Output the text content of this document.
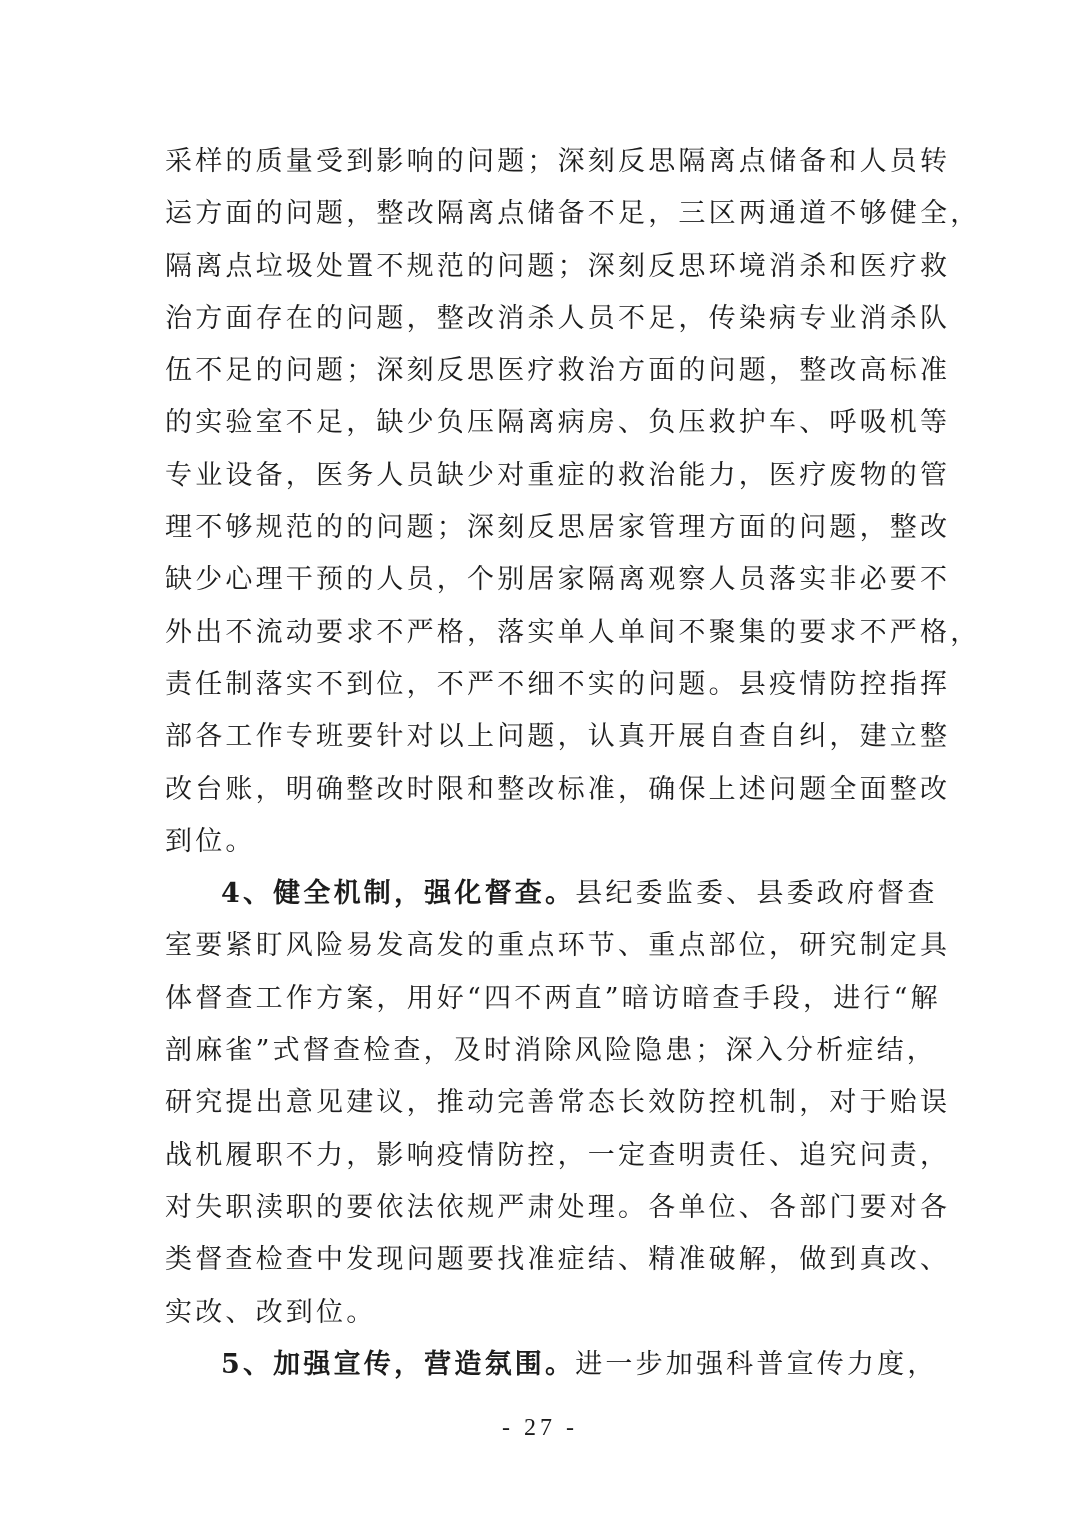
采样的质量受到影响的问题；深刻反思隔离点储备和人员转
运方面的问题，整改隔离点储备不足，三区两通道不够健全，
隔离点垃圾处置不规范的问题；深刻反思环境消杀和医疗救
治方面存在的问题，整改消杀人员不足，传染病专业消杀队
伍不足的问题；深刻反思医疗救治方面的问题，整改高标准
的实验室不足，缺少负压隔离病房、负压救护车、呼吸机等
专业设备，医务人员缺少对重症的救治能力，医疗废物的管
理不够规范的的问题；深刻反思居家管理方面的问题，整改
缺少心理干预的人员，个别居家隔离观察人员落实非必要不
外出不流动要求不严格，落实单人单间不聚集的要求不严格，
责任制落实不到位，不严不细不实的问题。县疫情防控指挥
部各工作专班要针对以上问题，认真开展自查自纠，建立整
改台账，明确整改时限和整改标准，确保上述问题全面整改
到位。
4、健全机制，强化督查。县纪委监委、县委政府督查
室要紧盯风险易发高发的重点环节、重点部位，研究制定具
体督查工作方案，用好“四不两直”暗访暗查手段，进行“解
剖麻雀”式督查检查，及时消除风险隐患；深入分析症结，
研究提出意见建议，推动完善常态长效防控机制，对于贻误
战机履职不力，影响疫情防控，一定查明责任、追究问责，
对失职渎职的要依法依规严肃处理。各单位、各部门要对各
类督查检查中发现问题要找准症结、精准破解，做到真改、
实改、改到位。
5、加强宣传，营造氛围。进一步加强科普宣传力度，
- 27 -
